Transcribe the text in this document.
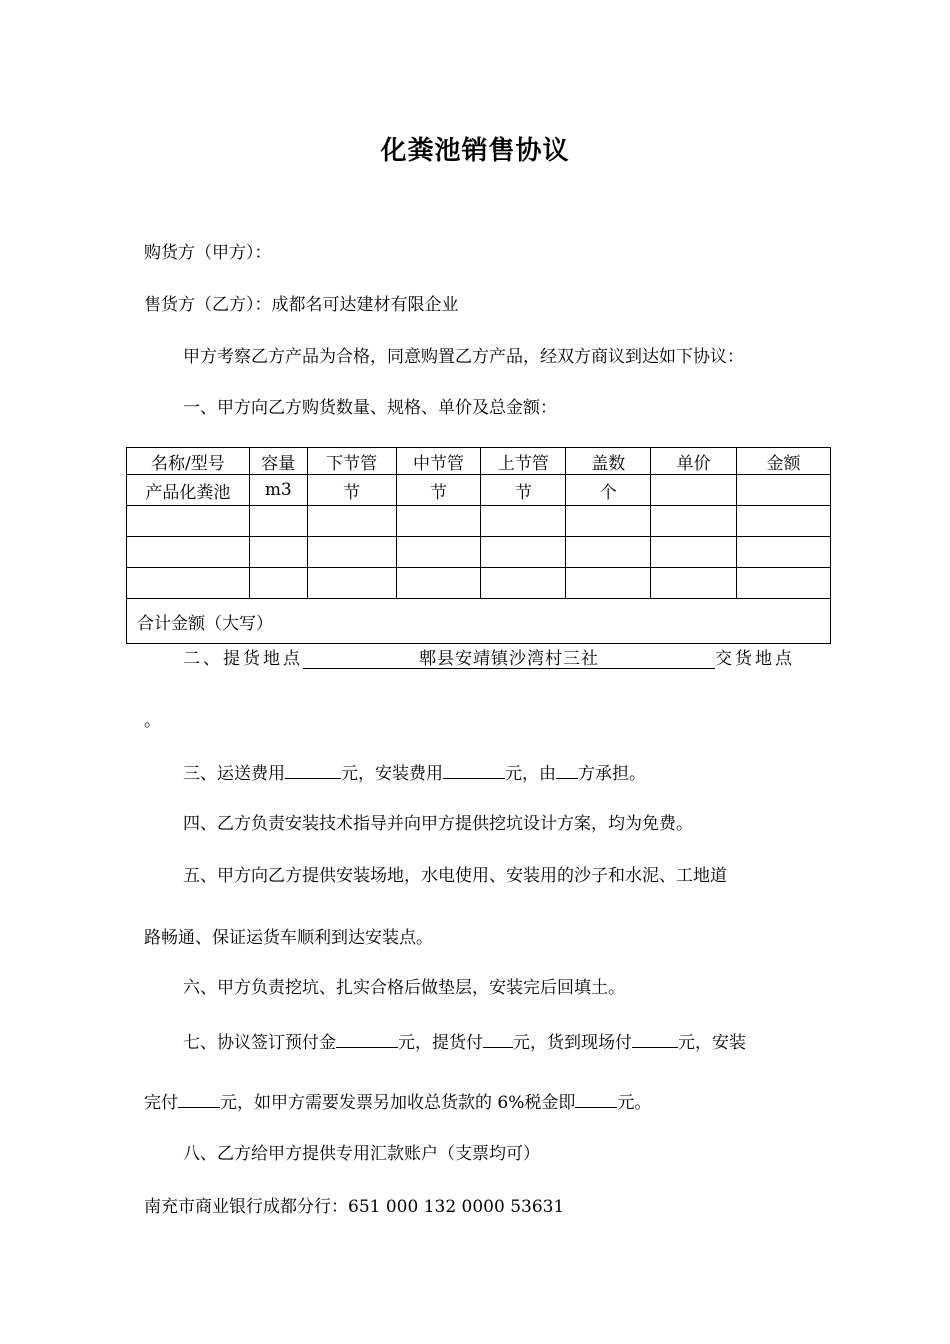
化粪池销售协议
购货方（甲方）：
售货方（乙方）：成都名可达建材有限企业
甲方考察乙方产品为合格，同意购置乙方产品，经双方商议到达如下协议：
一、甲方向乙方购货数量、规格、单价及总金额：
名称/型号	容量	下节管	中节管	上节管	盖数	单价	金额
产品化粪池	m3	节	节	节	个		

合计金额（大写）							
二、提货地点	郫县安靖镇沙湾村三社	交货地点
。
三、运送费用	元，安装费用	元，由 方承担。
四、乙方负责安装技术指导并向甲方提供挖坑设计方案，均为免费。
五、甲方向乙方提供安装场地，水电使用、安装用的沙子和水泥、工地道
路畅通、保证运货车顺利到达安装点。
六、甲方负责挖坑、扎实合格后做垫层，安装完后回填土。
七、协议签订预付金	元，提货付 元，货到现场付	元，安装
完付 元，如甲方需要发票另加收总货款的 6%税金即 元。
八、乙方给甲方提供专用汇款账户（支票均可）
南充市商业银行成都分行：651 000 132 0000 53631
